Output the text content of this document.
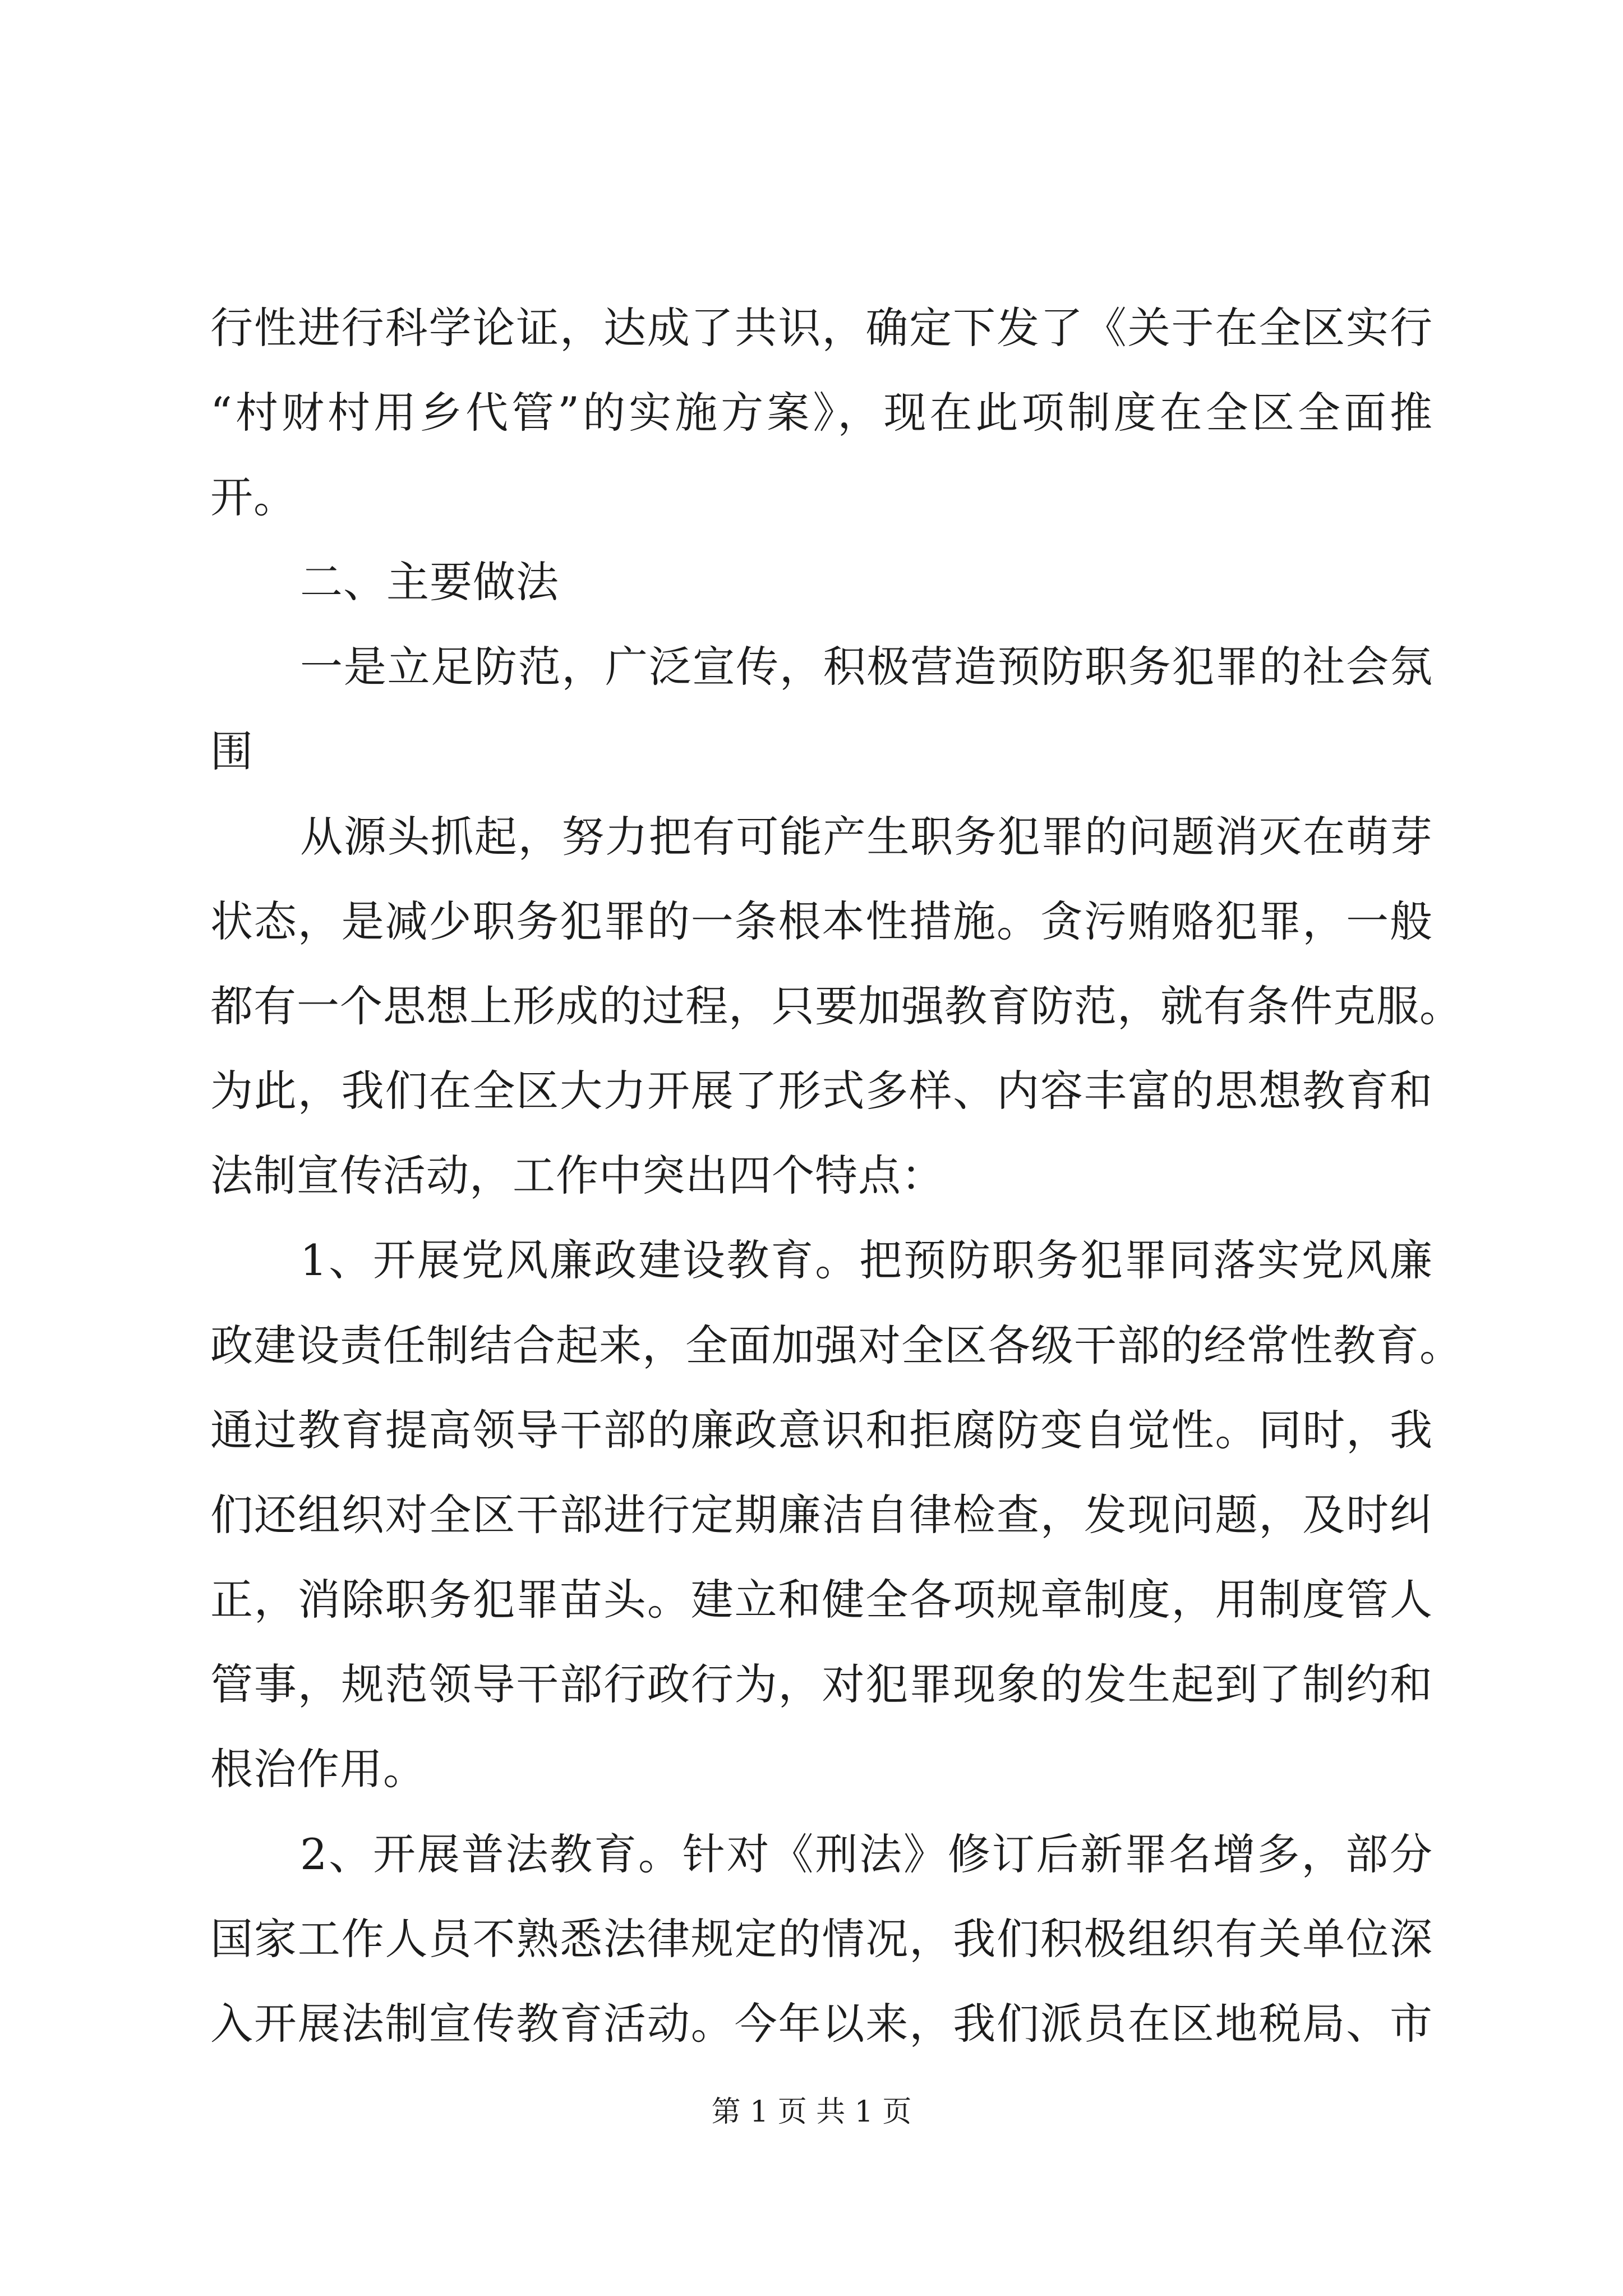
行性进行科学论证，达成了共识，确定下发了《关于在全区实行

“村财村用乡代管”的实施方案》，现在此项制度在全区全面推

开。

二、主要做法

一是立足防范，广泛宣传，积极营造预防职务犯罪的社会氛

围

从源头抓起，努力把有可能产生职务犯罪的问题消灭在萌芽

状态，是减少职务犯罪的一条根本性措施。贪污贿赂犯罪，一般

都有一个思想上形成的过程，只要加强教育防范，就有条件克服。

为此，我们在全区大力开展了形式多样、内容丰富的思想教育和

法制宣传活动，工作中突出四个特点：

1、开展党风廉政建设教育。把预防职务犯罪同落实党风廉

政建设责任制结合起来，全面加强对全区各级干部的经常性教育。

通过教育提高领导干部的廉政意识和拒腐防变自觉性。同时，我

们还组织对全区干部进行定期廉洁自律检查，发现问题，及时纠

正，消除职务犯罪苗头。建立和健全各项规章制度，用制度管人

管事，规范领导干部行政行为，对犯罪现象的发生起到了制约和

根治作用。

2、开展普法教育。针对《刑法》修订后新罪名增多，部分

国家工作人员不熟悉法律规定的情况，我们积极组织有关单位深

入开展法制宣传教育活动。今年以来，我们派员在区地税局、市

第 1 页 共 1 页
